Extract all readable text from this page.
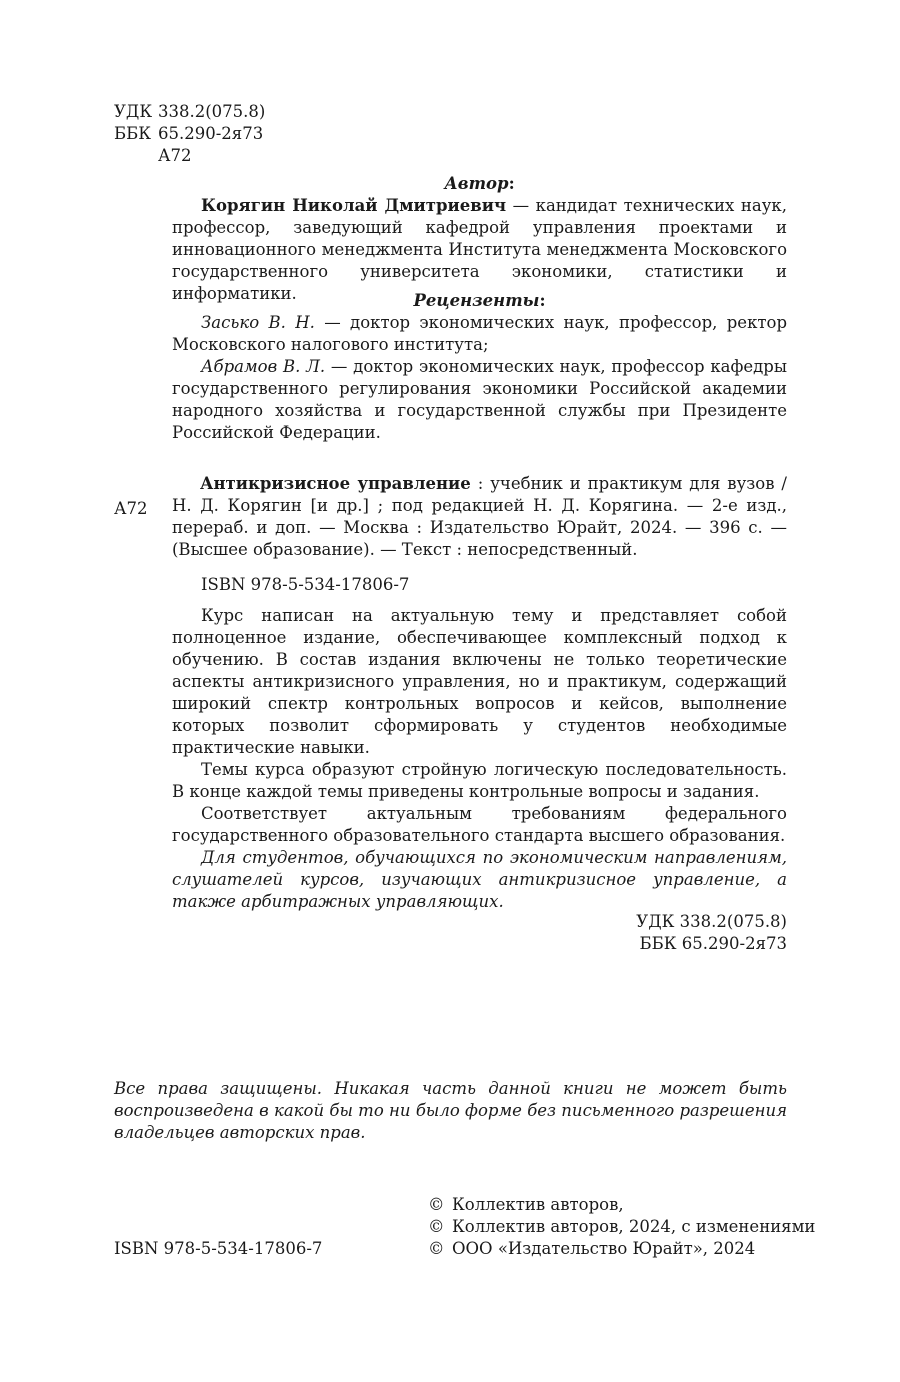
УДК 338.2(075.8)
ББК 65.290-2я73
А72
Автор:

Корягин Николай Дмитриевич — кандидат технических наук, профессор, заведующий кафедрой управления проектами и инновационного менеджмента Института менеджмента Московского государственного университета экономики, статистики и информатики.	Рецензенты:

Засько В. Н. — доктор экономических наук, профессор, ректор Московского налогового института;

Абрамов В. Л. — доктор экономических наук, профессор кафедры государственного регулирования экономики Российской академии народного хозяйства и государственной службы при Президенте Российской Федерации.

А72

Антикризисное управление : учебник и практикум для вузов / Н. Д. Корягин [и др.] ; под редакцией Н. Д. Корягина. — 2-е изд., перераб. и доп. — Москва : Издательство Юрайт, 2024. — 396 с. — (Высшее образование). — Текст : непосредственный.

ISBN 978-5-534-17806-7

Курс написан на актуальную тему и представляет собой полноценное издание, обеспечивающее комплексный подход к обучению. В состав издания включены не только теоретические аспекты антикризисного управления, но и практикум, содержащий широкий спектр контрольных вопросов и кейсов, выполнение которых позволит сформировать у студентов необходимые практические навыки.

Темы курса образуют стройную логическую последовательность. В конце каждой темы приведены контрольные вопросы и задания.

Соответствует актуальным требованиям федерального государственного образовательного стандарта высшего образования.

Для студентов, обучающихся по экономическим направлениям, слушателей курсов, изучающих антикризисное управление, а также арбитражных управляющих.

УДК 338.2(075.8)
ББК 65.290-2я73

Все права защищены. Никакая часть данной книги не может быть воспроизведена в какой бы то ни было форме без письменного разрешения владельцев авторских прав.

ISBN 978-5-534-17806-7
© Коллектив авторов,
© Коллектив авторов, 2024, с изменениями
© ООО «Издательство Юрайт», 2024
